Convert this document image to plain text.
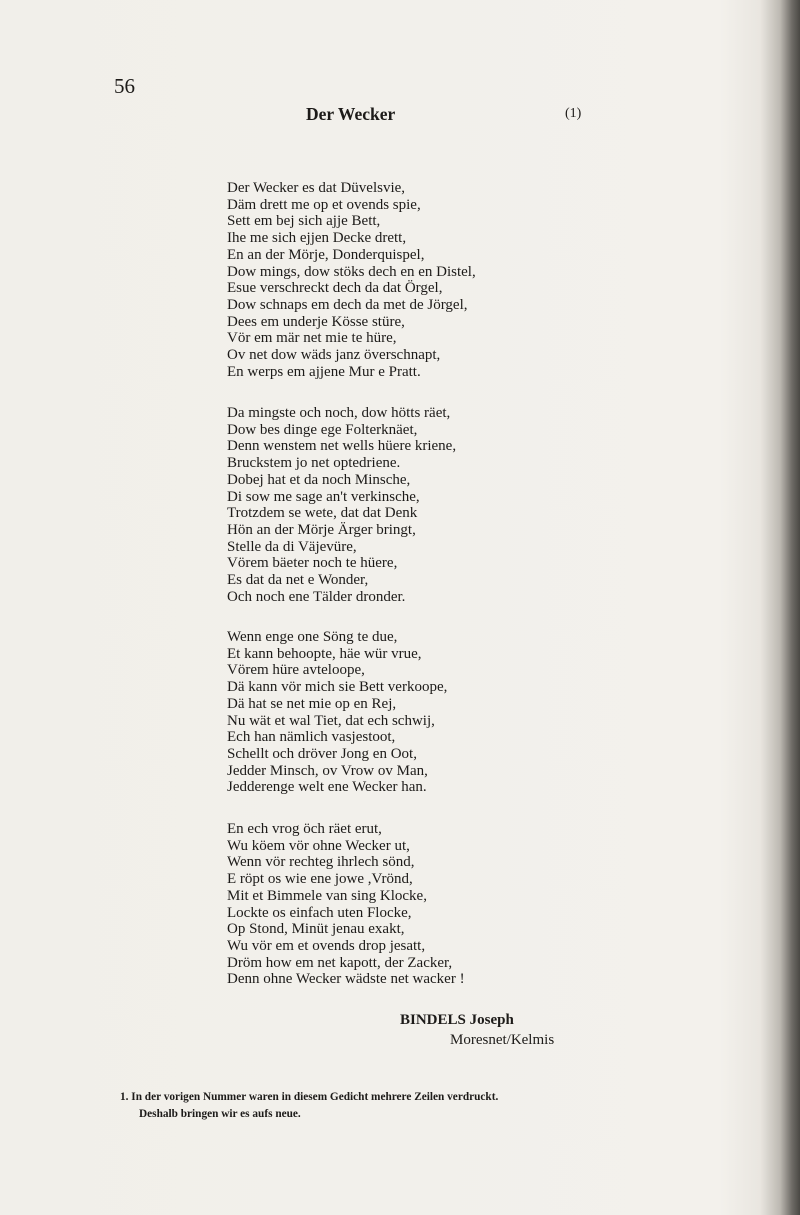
56
Der Wecker	(1)
Der Wecker es dat Düvelsvie,
Däm drett me op et ovends spie,
Sett em bej sich ajje Bett,
Ihe me sich ejjen Decke drett,
En an der Mörje, Donderquispel,
Dow mings, dow stöks dech en en Distel,
Esue verschreckt dech da dat Örgel,
Dow schnaps em dech da met de Jörgel,
Dees em underje Kösse stüre,
Vör em mär net mie te hüre,
Ov net dow wäds janz överschnapt,
En werps em ajjene Mur e Pratt.
Da mingste och noch, dow hötts räet,
Dow bes dinge ege Folterknäet,
Denn wenstem net wells hüere kriene,
Bruckstem jo net optedriene.
Dobej hat et da noch Minsche,
Di sow me sage an't verkinsche,
Trotzdem se wete, dat dat Denk
Hön an der Mörje Ärger bringt,
Stelle da di Väjevüre,
Vörem bäeter noch te hüere,
Es dat da net e Wonder,
Och noch ene Tälder dronder.
Wenn enge one Söng te due,
Et kann behoopte, häe wür vrue,
Vörem hüre avteloope,
Dä kann vör mich sie Bett verkoope,
Dä hat se net mie op en Rej,
Nu wät et wal Tiet, dat ech schwij,
Ech han nämlich vasjestoot,
Schellt och dröver Jong en Oot,
Jedder Minsch, ov Vrow ov Man,
Jedderenge welt ene Wecker han.
En ech vrog öch räet erut,
Wu köem vör ohne Wecker ut,
Wenn vör rechteg ihrlech sönd,
E röpt os wie ene jowe ,Vrönd,
Mit et Bimmele van sing Klocke,
Lockte os einfach uten Flocke,
Op Stond, Minüt jenau exakt,
Wu vör em et ovends drop jesatt,
Dröm how em net kapott, der Zacker,
Denn ohne Wecker wädste net wacker !
BINDELS Joseph
Moresnet/Kelmis
1. In der vorigen Nummer waren in diesem Gedicht mehrere Zeilen verdruckt.
Deshalb bringen wir es aufs neue.
